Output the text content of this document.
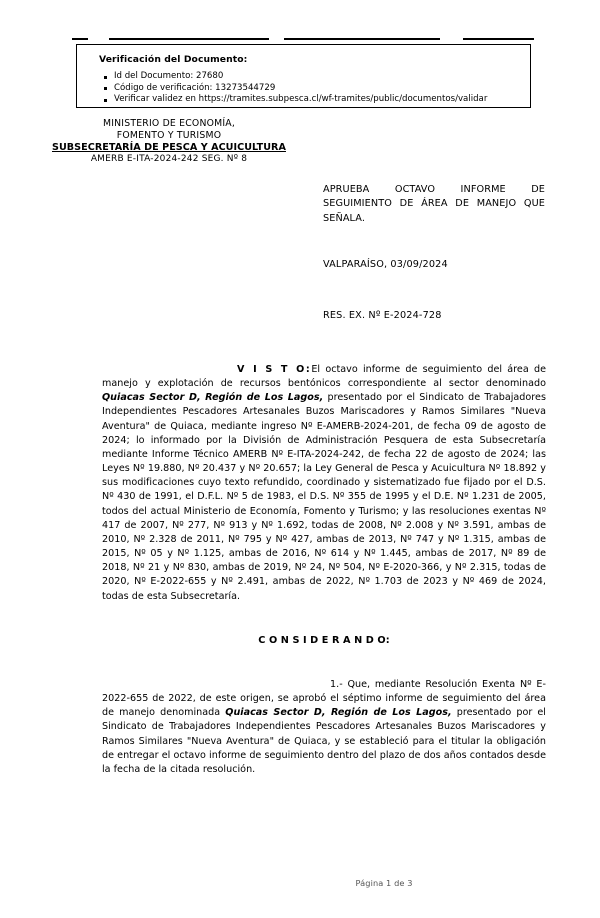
Verificación del Documento:
Id del Documento: 27680
Código de verificación: 13273544729
Verificar validez en https://tramites.subpesca.cl/wf-tramites/public/documentos/validar
MINISTERIO DE ECONOMÍA,
FOMENTO Y TURISMO
SUBSECRETARÍA DE PESCA Y ACUICULTURA
AMERB E-ITA-2024-242 SEG. Nº 8
APRUEBA OCTAVO INFORME DE SEGUIMIENTO DE ÁREA DE MANEJO QUE SEÑALA.
VALPARAÍSO, 03/09/2024
RES. EX. Nº E-2024-728
V I S T O:El octavo informe de seguimiento del área de manejo y explotación de recursos bentónicos correspondiente al sector denominado Quiacas Sector D, Región de Los Lagos, presentado por el Sindicato de Trabajadores Independientes Pescadores Artesanales Buzos Mariscadores y Ramos Similares "Nueva Aventura" de Quiaca, mediante ingreso Nº E-AMERB-2024-201, de fecha 09 de agosto de 2024; lo informado por la División de Administración Pesquera de esta Subsecretaría mediante Informe Técnico AMERB Nº E-ITA-2024-242, de fecha 22 de agosto de 2024; las Leyes Nº 19.880, Nº 20.437 y Nº 20.657; la Ley General de Pesca y Acuicultura Nº 18.892 y sus modificaciones cuyo texto refundido, coordinado y sistematizado fue fijado por el D.S. Nº 430 de 1991, el D.F.L. Nº 5 de 1983, el D.S. Nº 355 de 1995 y el D.E. Nº 1.231 de 2005, todos del actual Ministerio de Economía, Fomento y Turismo; y las resoluciones exentas Nº 417 de 2007, Nº 277, Nº 913 y Nº 1.692, todas de 2008, Nº 2.008 y Nº 3.591, ambas de 2010, Nº 2.328 de 2011, Nº 795 y Nº 427, ambas de 2013, Nº 747 y Nº 1.315, ambas de 2015, Nº 05 y Nº 1.125, ambas de 2016, Nº 614 y Nº 1.445, ambas de 2017, Nº 89 de 2018, Nº 21 y Nº 830, ambas de 2019, Nº 24, Nº 504, Nº E-2020-366, y Nº 2.315, todas de 2020, Nº E-2022-655 y Nº 2.491, ambas de 2022, Nº 1.703 de 2023 y Nº 469 de 2024, todas de esta Subsecretaría.
C O N S I D E R A N D O:
1.- Que, mediante Resolución Exenta Nº E-2022-655 de 2022, de este origen, se aprobó el séptimo informe de seguimiento del área de manejo denominada Quiacas Sector D, Región de Los Lagos, presentado por el Sindicato de Trabajadores Independientes Pescadores Artesanales Buzos Mariscadores y Ramos Similares "Nueva Aventura" de Quiaca, y se estableció para el titular la obligación de entregar el octavo informe de seguimiento dentro del plazo de dos años contados desde la fecha de la citada resolución.
Página 1 de 3
